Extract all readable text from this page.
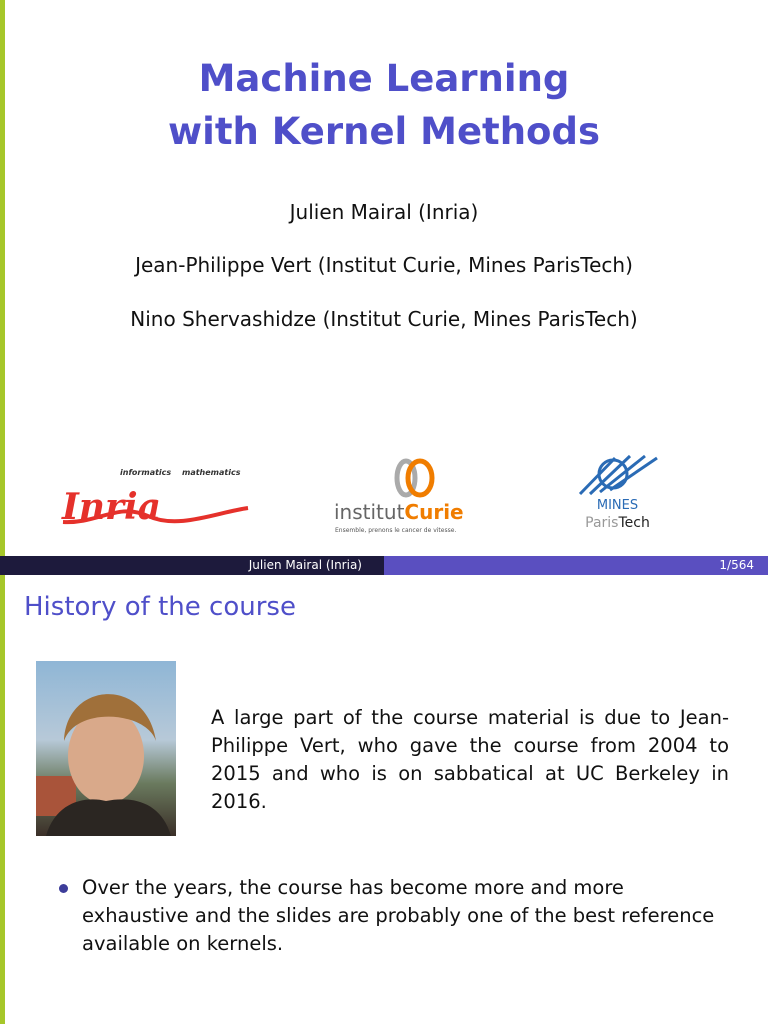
Machine Learning
with Kernel Methods
Julien Mairal (Inria)
Jean-Philippe Vert (Institut Curie, Mines ParisTech)
Nino Shervashidze (Institut Curie, Mines ParisTech)
Inria
informatics mathematics
institutCurie
Ensemble, prenons le cancer de vitesse.
MINES
ParisTech
Julien Mairal (Inria)	1/564
History of the course
A large part of the course material is due to Jean-Philippe Vert, who gave the course from 2004 to 2015 and who is on sabbatical at UC Berkeley in 2016.
Over the years, the course has become more and more exhaustive and the slides are probably one of the best reference available on kernels.
